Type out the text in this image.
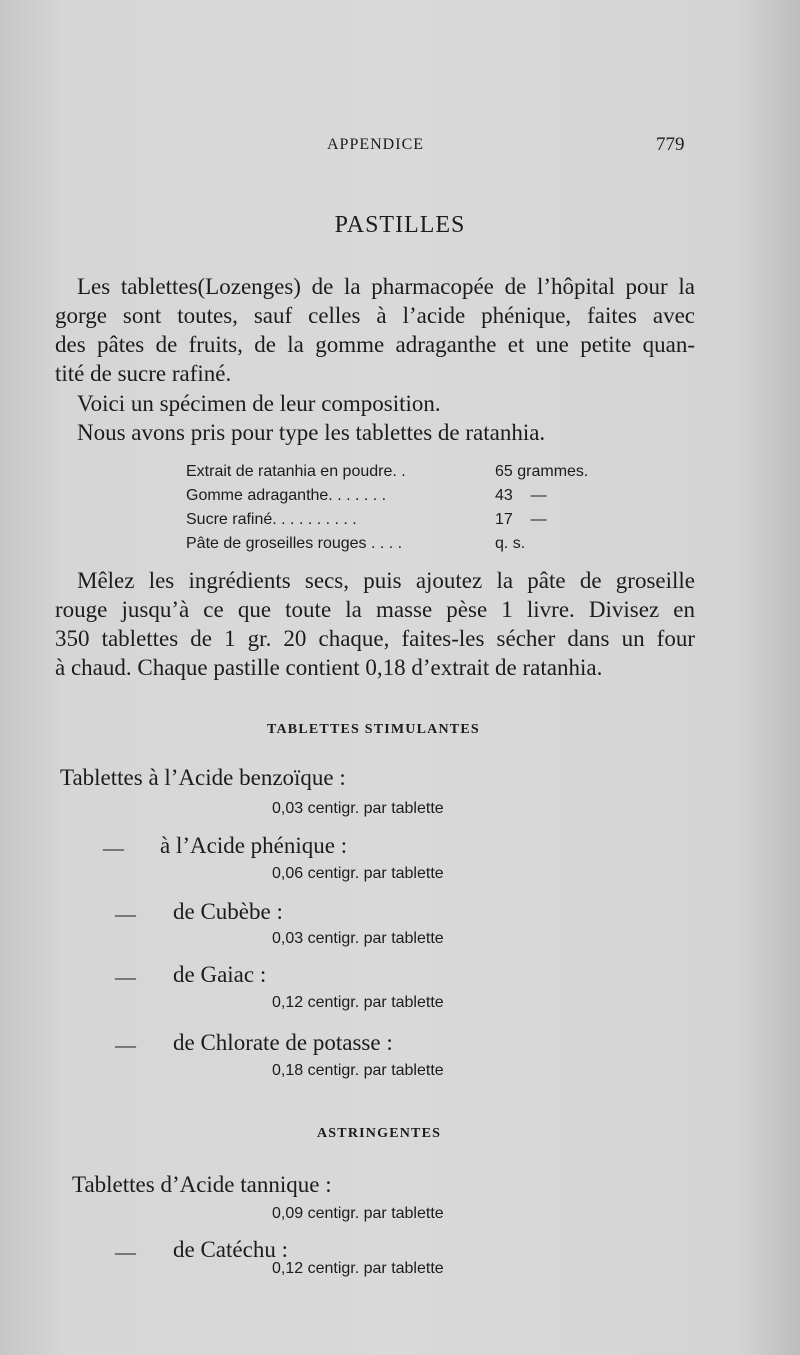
APPENDICE	779
PASTILLES
Les tablettes(Lozenges) de la pharmacopée de l’hôpital pour la
gorge sont toutes, sauf celles à l’acide phénique, faites avec
des pâtes de fruits, de la gomme adraganthe et une petite quan-
tité de sucre rafiné.
Voici un spécimen de leur composition.
Nous avons pris pour type les tablettes de ratanhia.
Extrait de ratanhia en poudre. .	65 grammes.
Gomme adraganthe. . . . . . .	43    —
Sucre rafiné. . . . . . . . . .	17    —
Pâte de groseilles rouges . . . .	q. s.
Mêlez les ingrédients secs, puis ajoutez la pâte de groseille
rouge jusqu’à ce que toute la masse pèse 1 livre. Divisez en
350 tablettes de 1 gr. 20 chaque, faites-les sécher dans un four
à chaud. Chaque pastille contient 0,18 d’extrait de ratanhia.
TABLETTES STIMULANTES
Tablettes à l’Acide benzoïque :
0,03 centigr. par tablette
— à l’Acide phénique :
0,06 centigr. par tablette
— de Cubèbe :
0,03 centigr. par tablette
— de Gaiac :
0,12 centigr. par tablette
— de Chlorate de potasse :
0,18 centigr. par tablette
ASTRINGENTES
Tablettes d’Acide tannique :
0,09 centigr. par tablette
— de Catéchu :
0,12 centigr. par tablette
